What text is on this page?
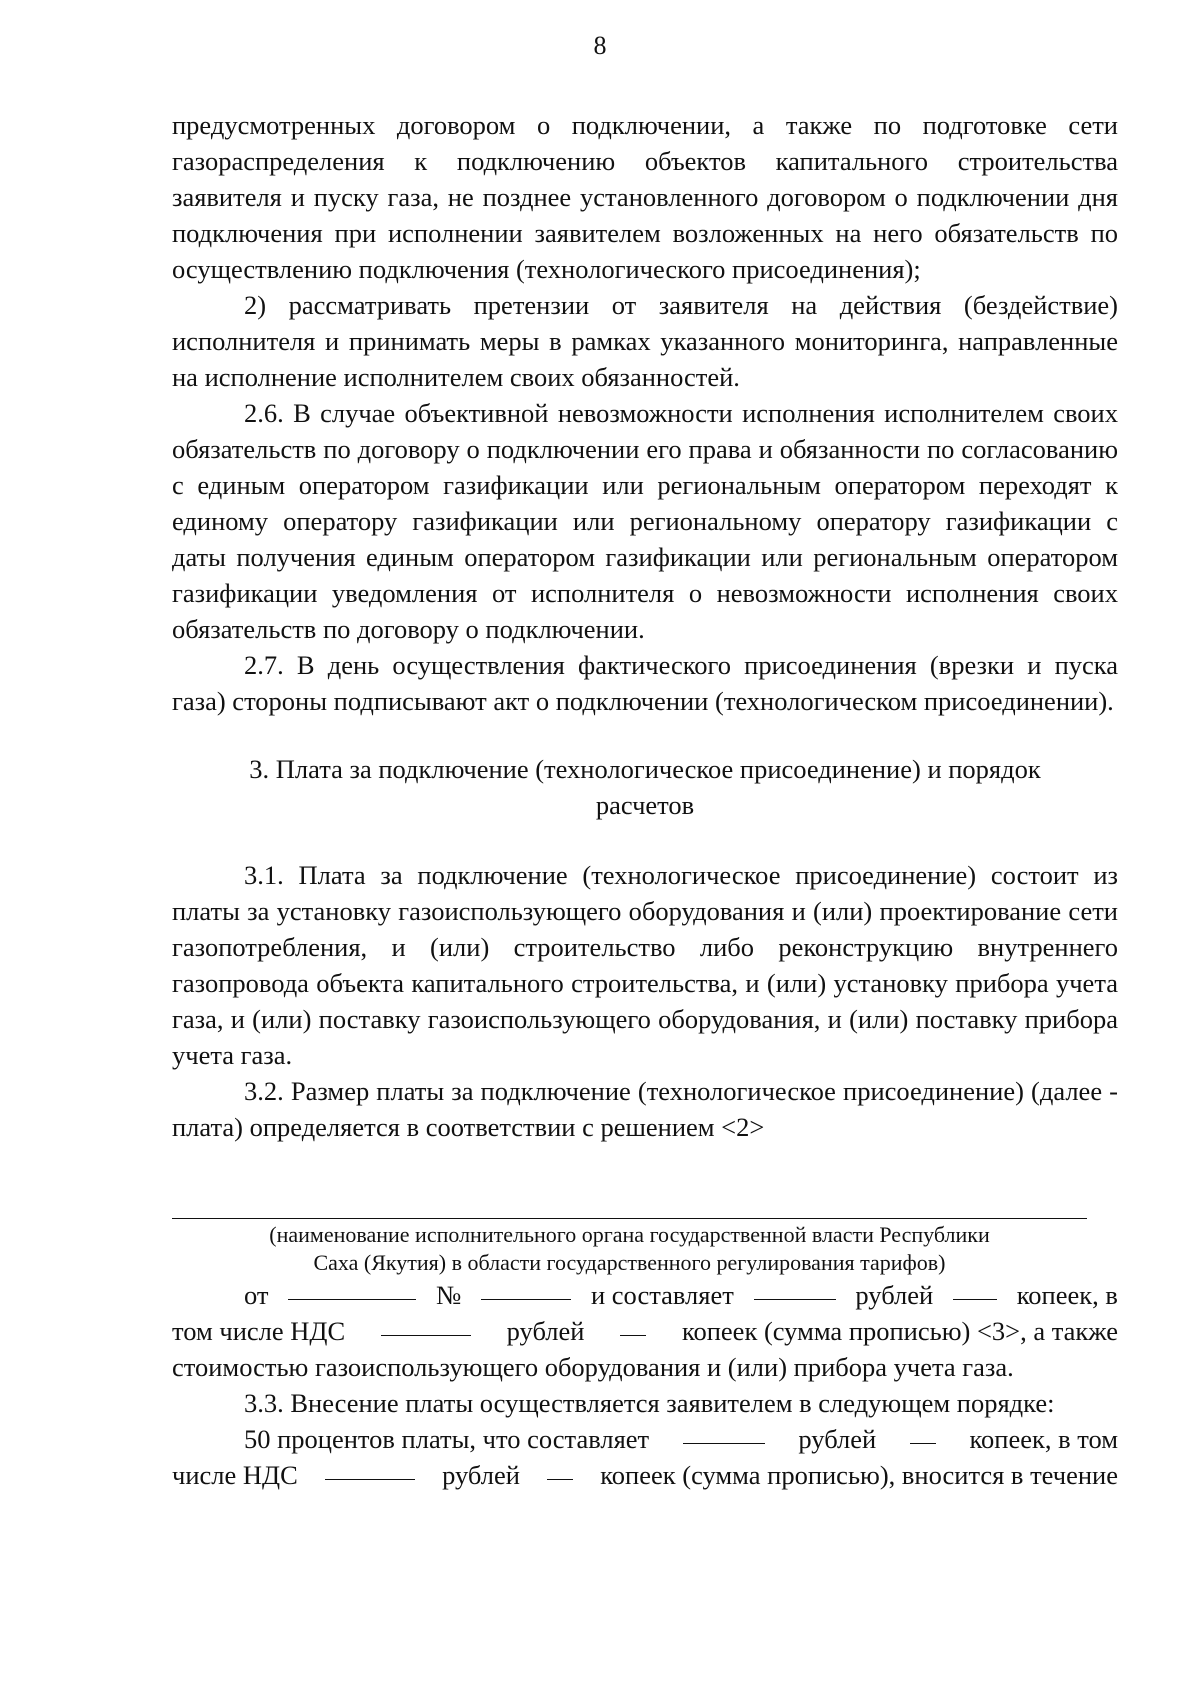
8

предусмотренных договором о подключении, а также по подготовке сети газораспределения к подключению объектов капитального строительства заявителя и пуску газа, не позднее установленного договором о подключении дня подключения при исполнении заявителем возложенных на него обязательств по осуществлению подключения (технологического присоединения);

2) рассматривать претензии от заявителя на действия (бездействие) исполнителя и принимать меры в рамках указанного мониторинга, направленные на исполнение исполнителем своих обязанностей.

2.6. В случае объективной невозможности исполнения исполнителем своих обязательств по договору о подключении его права и обязанности по согласованию с единым оператором газификации или региональным оператором переходят к единому оператору газификации или региональному оператору газификации с даты получения единым оператором газификации или региональным оператором газификации уведомления от исполнителя о невозможности исполнения своих обязательств по договору о подключении.

2.7. В день осуществления фактического присоединения (врезки и пуска газа) стороны подписывают акт о подключении (технологическом присоединении).

3. Плата за подключение (технологическое присоединение) и порядок
расчетов

3.1. Плата за подключение (технологическое присоединение) состоит из платы за установку газоиспользующего оборудования и (или) проектирование сети газопотребления, и (или) строительство либо реконструкцию внутреннего газопровода объекта капитального строительства, и (или) установку прибора учета газа, и (или) поставку газоиспользующего оборудования, и (или) поставку прибора учета газа.

3.2. Размер платы за подключение (технологическое присоединение) (далее - плата) определяется в соответствии с решением <2>

(наименование исполнительного органа государственной власти Республики
Саха (Якутия) в области государственного регулирования тарифов)
от	№	и составляет	рублей	копеек, в
том числе НДС	рублей	копеек (сумма прописью) <3>, а также
стоимостью газоиспользующего оборудования и (или) прибора учета газа.

3.3. Внесение платы осуществляется заявителем в следующем порядке:

50 процентов платы, что составляет	рублей	копеек, в том
числе НДС	рублей	копеек (сумма прописью), вносится в течение
